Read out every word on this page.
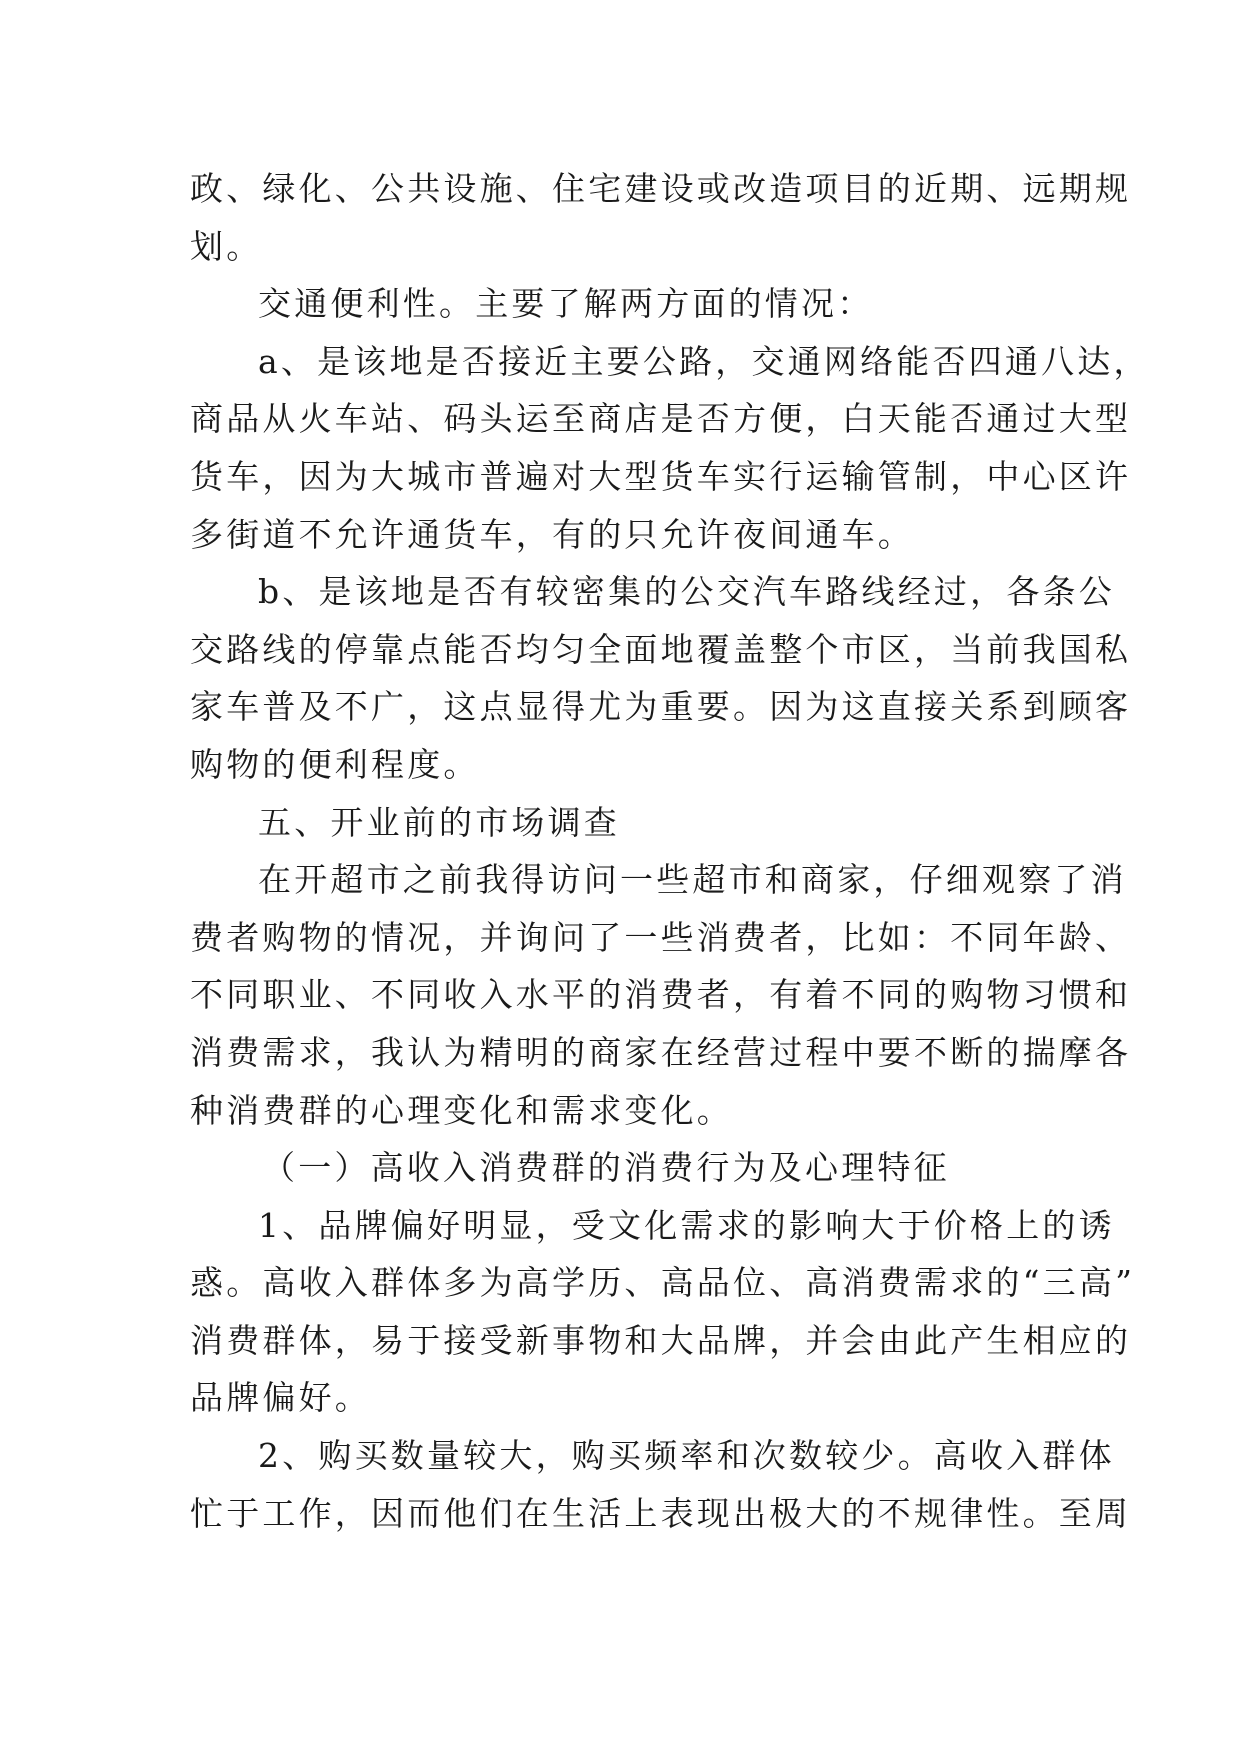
政、绿化、公共设施、住宅建设或改造项目的近期、远期规
划。
交通便利性。主要了解两方面的情况：
a、是该地是否接近主要公路，交通网络能否四通八达，
商品从火车站、码头运至商店是否方便，白天能否通过大型
货车，因为大城市普遍对大型货车实行运输管制，中心区许
多街道不允许通货车，有的只允许夜间通车。
b、是该地是否有较密集的公交汽车路线经过，各条公
交路线的停靠点能否均匀全面地覆盖整个市区，当前我国私
家车普及不广，这点显得尤为重要。因为这直接关系到顾客
购物的便利程度。
五、开业前的市场调查
在开超市之前我得访问一些超市和商家，仔细观察了消
费者购物的情况，并询问了一些消费者，比如：不同年龄、
不同职业、不同收入水平的消费者，有着不同的购物习惯和
消费需求，我认为精明的商家在经营过程中要不断的揣摩各
种消费群的心理变化和需求变化。
（一）高收入消费群的消费行为及心理特征
1、品牌偏好明显，受文化需求的影响大于价格上的诱
惑。高收入群体多为高学历、高品位、高消费需求的“三高”
消费群体，易于接受新事物和大品牌，并会由此产生相应的
品牌偏好。
2、购买数量较大，购买频率和次数较少。高收入群体
忙于工作，因而他们在生活上表现出极大的不规律性。至周
